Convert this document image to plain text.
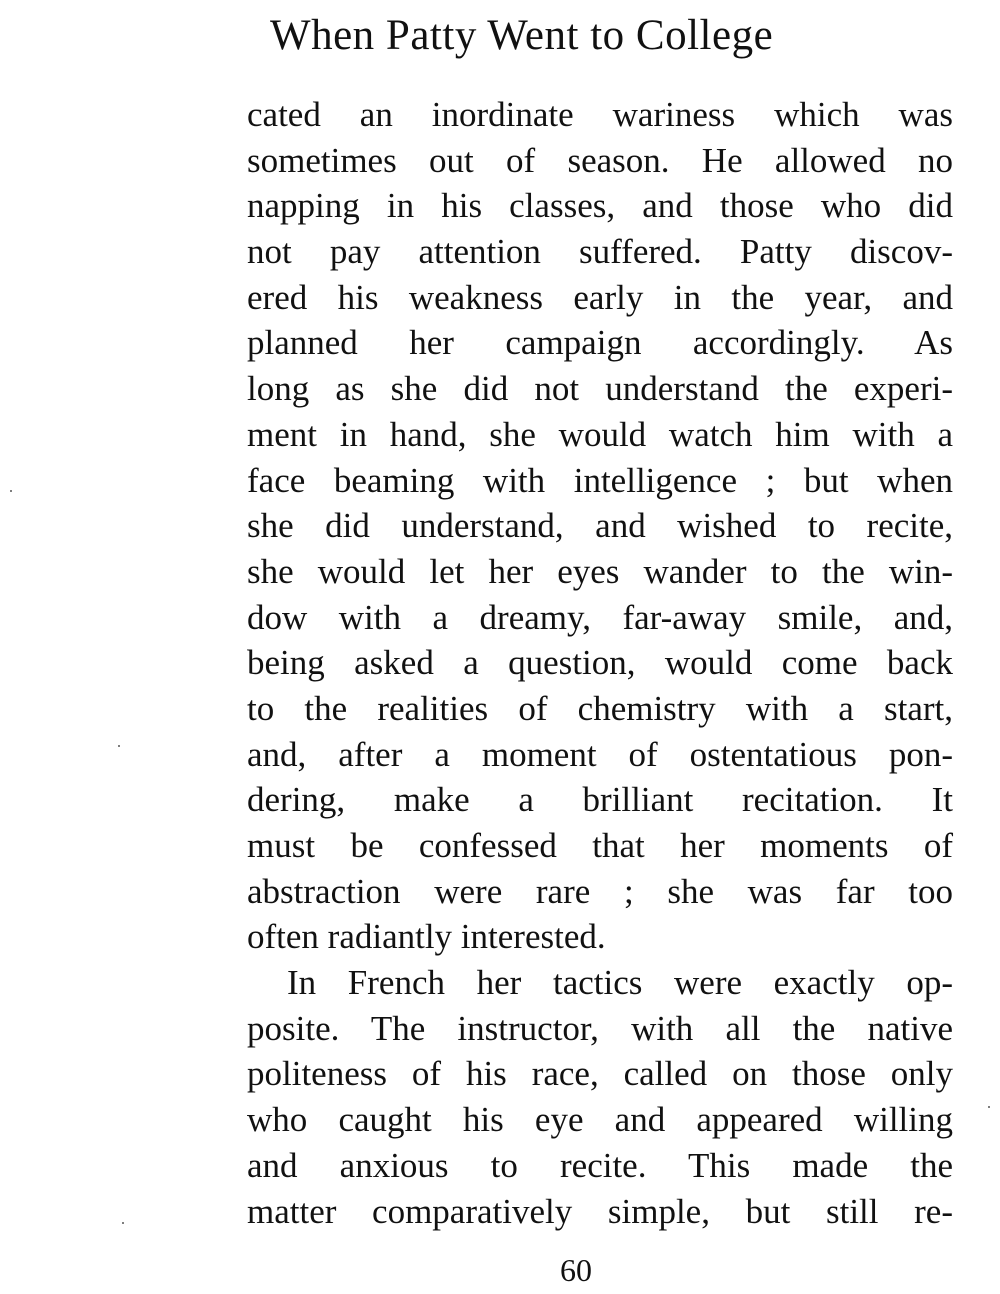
When Patty Went to College
cated an inordinate wariness which was
sometimes out of season. He allowed no
napping in his classes, and those who did
not pay attention suffered. Patty discov-
ered his weakness early in the year, and
planned her campaign accordingly. As
long as she did not understand the experi-
ment in hand, she would watch him with a
face beaming with intelligence ; but when
she did understand, and wished to recite,
she would let her eyes wander to the win-
dow with a dreamy, far-away smile, and,
being asked a question, would come back
to the realities of chemistry with a start,
and, after a moment of ostentatious pon-
dering, make a brilliant recitation. It
must be confessed that her moments of
abstraction were rare ; she was far too
often radiantly interested.
In French her tactics were exactly op-
posite. The instructor, with all the native
politeness of his race, called on those only
who caught his eye and appeared willing
and anxious to recite. This made the
matter comparatively simple, but still re-
60
